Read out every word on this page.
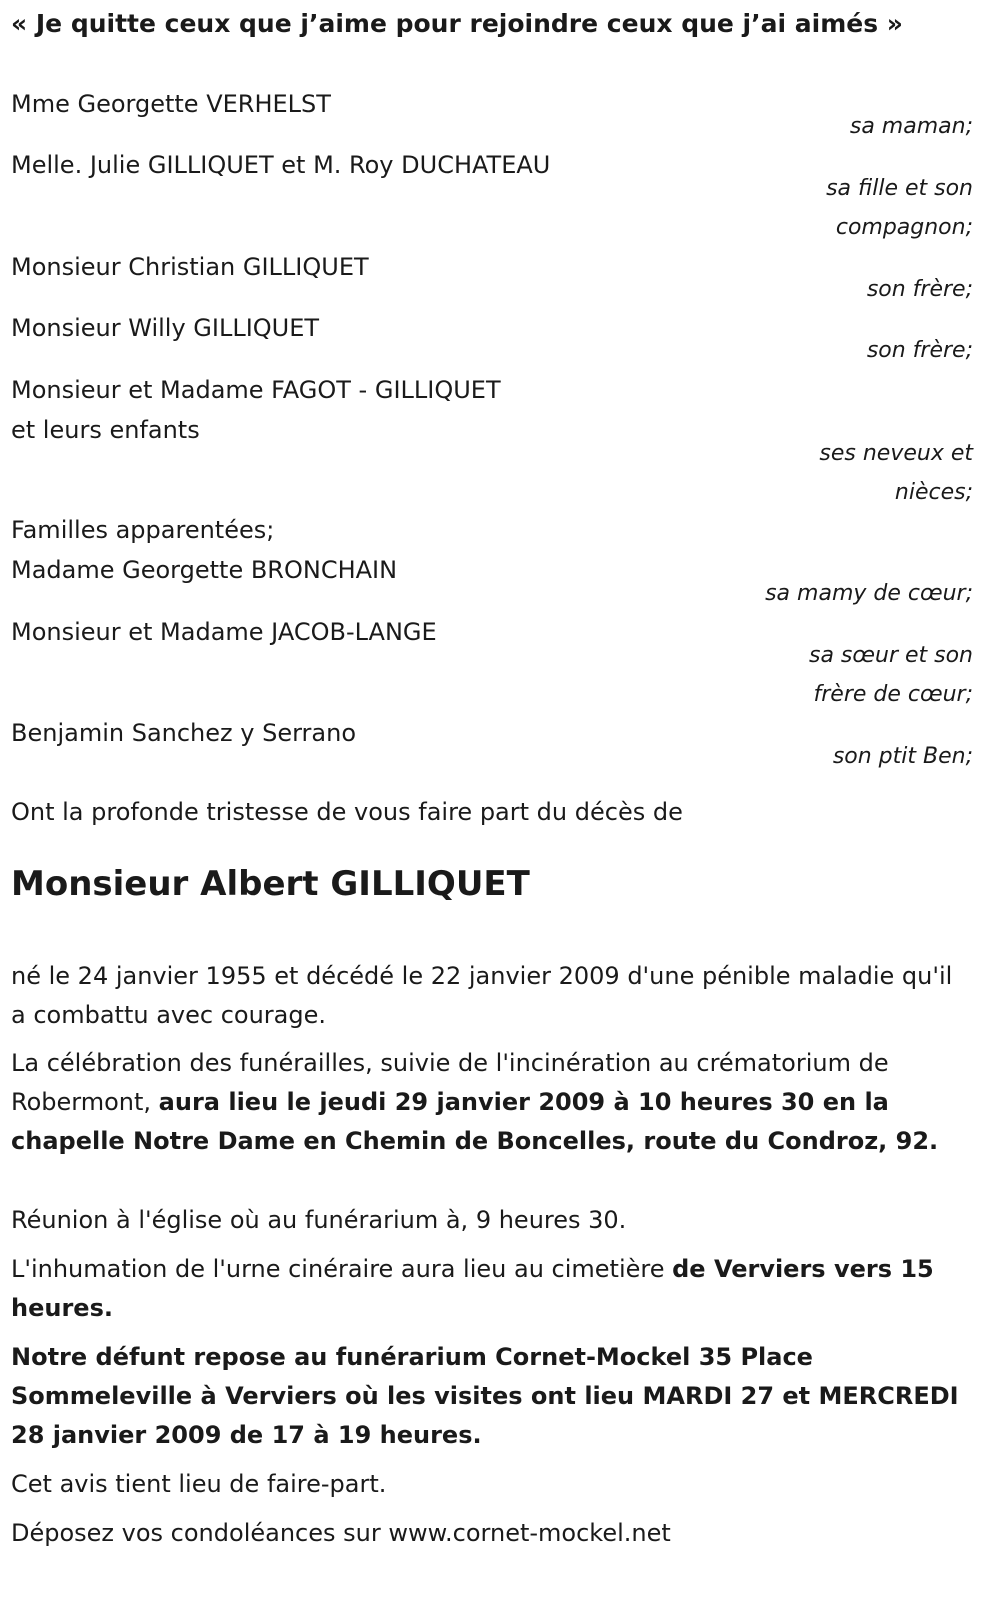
« Je quitte ceux que j’aime pour rejoindre ceux que j’ai aimés »
Mme Georgette VERHELST
sa maman;
Melle. Julie GILLIQUET et M. Roy DUCHATEAU
sa fille et son
compagnon;
Monsieur Christian GILLIQUET
son frère;
Monsieur Willy GILLIQUET
son frère;
Monsieur et Madame FAGOT - GILLIQUET
et leurs enfants
ses neveux et
nièces;
Familles apparentées;
Madame Georgette BRONCHAIN
sa mamy de cœur;
Monsieur et Madame JACOB-LANGE
sa sœur et son
frère de cœur;
Benjamin Sanchez y Serrano
son ptit Ben;
Ont la profonde tristesse de vous faire part du décès de
Monsieur Albert GILLIQUET
né le 24 janvier 1955 et décédé le 22 janvier 2009 d'une pénible maladie qu'il a combattu avec courage.
La célébration des funérailles, suivie de l'incinération au crématorium de Robermont, aura lieu le jeudi 29 janvier 2009 à 10 heures 30 en la chapelle Notre Dame en Chemin de Boncelles, route du Condroz, 92.
Réunion à l'église où au funérarium à, 9 heures 30.
L'inhumation de l'urne cinéraire aura lieu au cimetière de Verviers vers 15 heures.
Notre défunt repose au funérarium Cornet-Mockel 35 Place Sommeleville à Verviers où les visites ont lieu MARDI 27 et MERCREDI 28 janvier 2009 de 17 à 19 heures.
Cet avis tient lieu de faire-part.
Déposez vos condoléances sur www.cornet-mockel.net
